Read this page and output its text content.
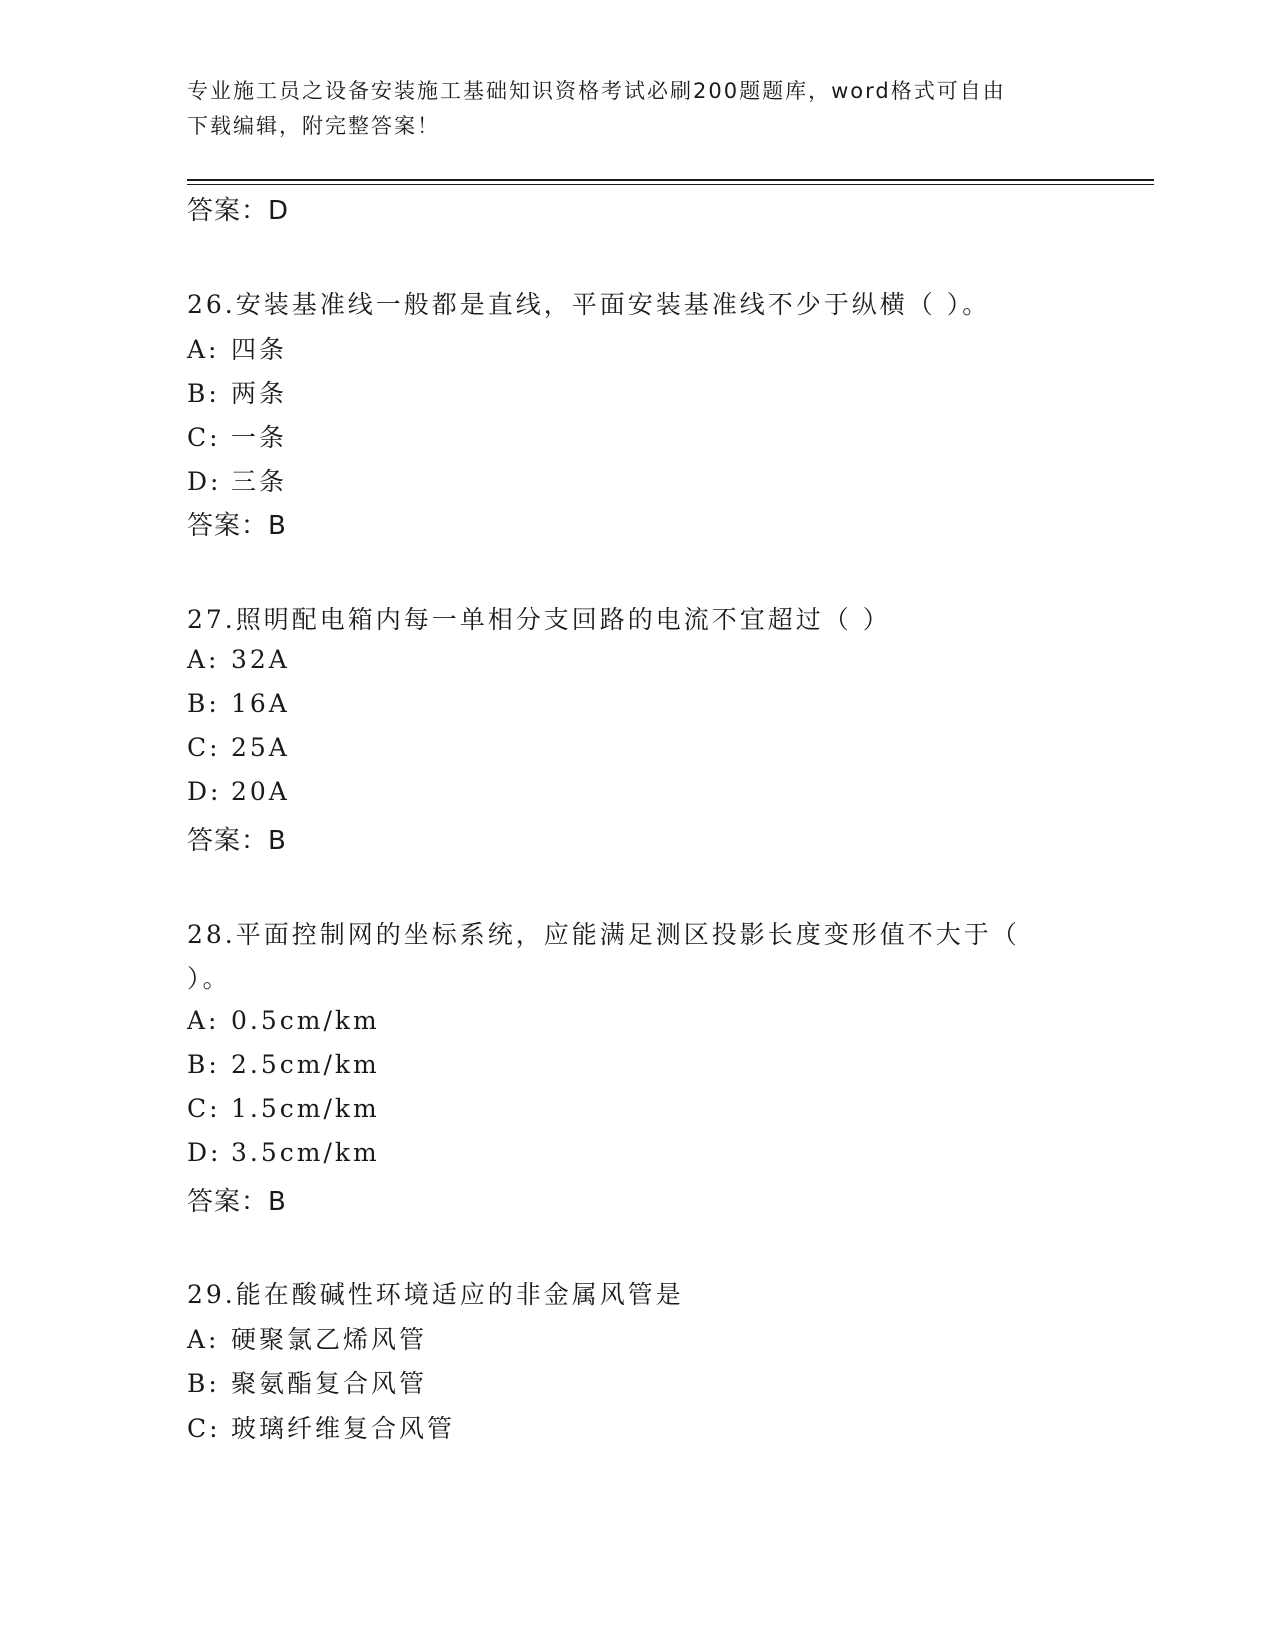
专业施工员之设备安装施工基础知识资格考试必刷200题题库，word格式可自由
下载编辑，附完整答案！
答案：D
26.安装基准线一般都是直线，平面安装基准线不少于纵横（ ）。
A: 四条
B: 两条
C: 一条
D: 三条
答案：B
27.照明配电箱内每一单相分支回路的电流不宜超过（ ）
A: 32A
B: 16A
C: 25A
D: 20A
答案：B
28.平面控制网的坐标系统，应能满足测区投影长度变形值不大于（
）。
A: 0.5cm/km
B: 2.5cm/km
C: 1.5cm/km
D: 3.5cm/km
答案：B
29.能在酸碱性环境适应的非金属风管是
A: 硬聚氯乙烯风管
B: 聚氨酯复合风管
C: 玻璃纤维复合风管
